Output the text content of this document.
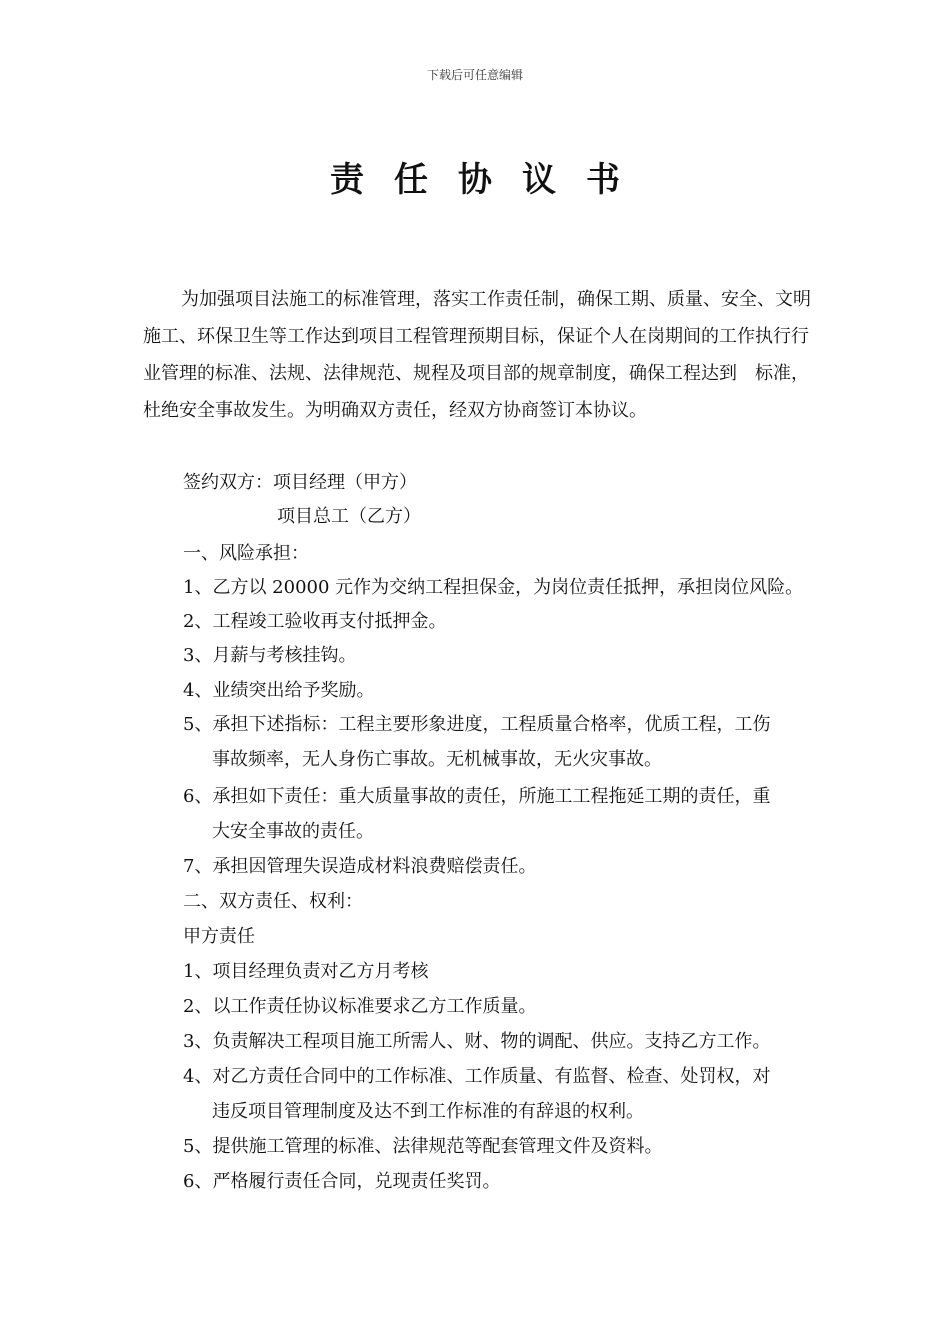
下载后可任意编辑
责任协议书
为加强项目法施工的标准管理，落实工作责任制，确保工期、质量、安全、文明施工、环保卫生等工作达到项目工程管理预期目标，保证个人在岗期间的工作执行行业管理的标准、法规、法律规范、规程及项目部的规章制度，确保工程达到　标准，杜绝安全事故发生。为明确双方责任，经双方协商签订本协议。
签约双方：项目经理（甲方）
项目总工（乙方）
一、风险承担：
1、乙方以 20000 元作为交纳工程担保金，为岗位责任抵押，承担岗位风险。
2、工程竣工验收再支付抵押金。
3、月薪与考核挂钩。
4、业绩突出给予奖励。
5、承担下述指标：工程主要形象进度，工程质量合格率，优质工程，工伤
事故频率，无人身伤亡事故。无机械事故，无火灾事故。
6、承担如下责任：重大质量事故的责任，所施工工程拖延工期的责任，重
大安全事故的责任。
7、承担因管理失误造成材料浪费赔偿责任。
二、双方责任、权利：
甲方责任
1、项目经理负责对乙方月考核
2、以工作责任协议标准要求乙方工作质量。
3、负责解决工程项目施工所需人、财、物的调配、供应。支持乙方工作。
4、对乙方责任合同中的工作标准、工作质量、有监督、检查、处罚权，对
违反项目管理制度及达不到工作标准的有辞退的权利。
5、提供施工管理的标准、法律规范等配套管理文件及资料。
6、严格履行责任合同，兑现责任奖罚。
